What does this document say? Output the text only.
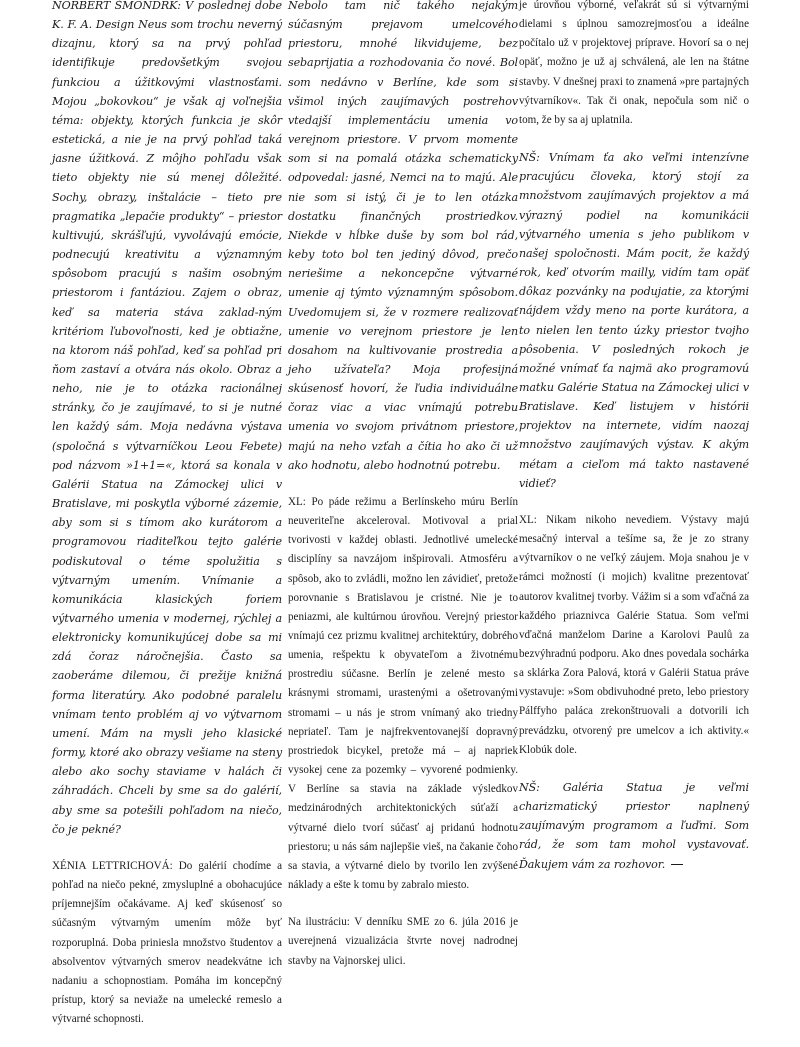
NORBERT ŠMONDRK: V poslednej dobe K. F. A. Design Neus som trochu neverný dizajnu, ktorý sa na prvý pohľad identifikuje predovšetkým svojou funkciou a úžitkovými vlastnosťami. Mojou „bokovkou“ je však aj voľnejšia téma: objekty, ktorých funkcia je skôr estetická, a nie je na prvý pohľad taká jasne úžitková. Z môjho pohľadu však tieto objekty nie sú menej dôležité. Sochy, obrazy, inštalácie – tieto pre pragmatika „lepačie produkty“ – priestor kultivujú, skrášľujú, vyvolávajú emócie, podnecujú kreativitu a významným spôsobom pracujú s našim osobným priestorom i fantáziou. Zajem o obraz, keď sa materia stáva zaklad-ným kritériom ľubovoľnosti, ked je obtiažne, na ktorom náš pohľad, keď sa pohľad pri ňom zastaví a otvára nás okolo. Obraz a neho, nie je to otázka racionálnej stránky, čo je zaujímavé, to si je nutné len každý sám. Moja nedávna výstava (spoločná s výtvarníčkou Leou Febete) pod názvom »1+1=«, ktorá sa konala v Galérii Statua na Zámockej ulici v Bratislave, mi poskytla výborné zázemie, aby som si s tímom ako kurátorom a programovou riaditeľkou tejto galérie podiskutoval o téme spolužitia s výtvarným umením. Vnímanie a komunikácia klasických foriem výtvarného umenia v modernej, rýchlej a elektronicky komunikujúcej dobe sa mi zdá čoraz náročnejšia. Často sa zaoberáme dilemou, či prežije knižná forma literatúry. Ako podobné paralelu vnímam tento problém aj vo výtvarnom umení. Mám na mysli jeho klasické formy, ktoré ako obrazy vešiame na steny alebo ako sochy staviame v halách či záhradách. Chceli by sme sa do galérií, aby sme sa potešili pohľadom na niečo, čo je pekné?

XÉNIA LETTRICHOVÁ: Do galérií chodíme a pohľad na niečo pekné, zmysluplné a obohacujúce príjemnejším očakávame. Aj keď skúsenosť so súčasným výtvarným umením môže byť rozporuplná. Doba priniesla množstvo študentov a absolventov výtvarných smerov neadekvátne ich nadaniu a schopnostiam. Pomáha im koncepčný prístup, ktorý sa neviaže na umelecké remeslo a výtvarné schopnosti.

Nebolo tam nič takého nejakým súčasným prejavom umelcového priestoru, mnohé likvidujeme, bez sebaprijatia a rozhodovania čo nové. Bol som nedávno v Berlíne, kde som si všimol iných zaujímavých postrehov vtedajší implementáciu umenia vo verejnom priestore. V prvom momente som si na pomalá otázka schematicky odpovedal: jasné, Nemci na to majú. Ale nie som si istý, či je to len otázka dostatku finančných prostriedkov. Niekde v hĺbke duše by som bol rád, keby toto bol ten jediný dôvod, prečo neriešime a nekoncepčne výtvarné umenie aj týmto významným spôsobom. Uvedomujem si, že v rozmere realizovať umenie vo verejnom priestore je len dosahom na kultivovanie prostredia a jeho užívateľa? Moja profesijná skúsenosť hovorí, že ľudia individuálne čoraz viac a viac vnímajú potrebu umenia vo svojom privátnom priestore, majú na neho vzťah a čítia ho ako či už ako hodnotu, alebo hodnotnú potrebu.

XL: Po páde režimu a Berlínskeho múru Berlín neuveriteľne akceleroval. Motivoval a prial tvorivosti v každej oblasti. Jednotlivé umelecké disciplíny sa navzájom inšpirovali. Atmosféru a spôsob, ako to zvládli, možno len závidieť, pretože porovnanie s Bratislavou je cristné. Nie je to peniazmi, ale kultúrnou úrovňou. Verejný priestor vnímajú cez prizmu kvalitnej architektúry, dobrého umenia, rešpektu k obyvateľom a životnému prostrediu súčasne. Berlín je zelené mesto s krásnymi stromami, urastenými a ošetrovanými stromami – u nás je strom vnímaný ako triedny nepriateľ. Tam je najfrekventovanejší dopravný prostriedok bicykel, pretože má – aj napriek vysokej cene za pozemky – vyvorené podmienky. V Berlíne sa stavia na základe výsledkov medzinárodných architektonických súťaží a výtvarné dielo tvorí súčasť aj pridanú hodnotu priestoru; u nás sám najlepšie vieš, na čakanie čoho sa stavia, a výtvarné dielo by tvorilo len zvýšené náklady a ešte k tomu by zabralo miesto.

Na ilustráciu: V denníku SME zo 6. júla 2016 je uverejnená vizualizácia štvrte novej nadrodnej stavby na Vajnorskej ulici.

je úrovňou výborné, veľakrát sú si výtvarnými dielami s úplnou samozrejmosťou a ideálne počítalo už v projektovej príprave. Hovorí sa o nej opäť, možno je už aj schválená, ale len na štátne stavby. V dnešnej praxi to znamená »pre partajných výtvarníkov«. Tak či onak, nepočula som nič o tom, že by sa aj uplatnila.

NŠ: Vnímam ťa ako veľmi intenzívne pracujúcu človeka, ktorý stojí za množstvom zaujímavých projektov a má výrazný podiel na komunikácii výtvarného umenia s jeho publikom v našej spoločnosti. Mám pocit, že každý rok, keď otvorím mailly, vidím tam opäť dôkaz pozvánky na podujatie, za ktorými nájdem vždy meno na porte kurátora, a to nielen len tento úzky priestor tvojho pôsobenia. V posledných rokoch je možné vnímať ťa najmä ako programovú matku Galérie Statua na Zámockej ulici v Bratislave. Keď listujem v histórii projektov na internete, vidím naozaj množstvo zaujímavých výstav. K akým métam a cieľom má takto nastavené vidieť?

XL: Nikam nikoho nevediem. Výstavy majú mesačný interval a tešíme sa, že je zo strany výtvarníkov o ne veľký záujem. Moja snahou je v rámci možností (i mojich) kvalitne prezentovať autorov kvalitnej tvorby. Vážim si a som vďačná za každého priaznivca Galérie Statua. Som veľmi vďačná manželom Darine a Karolovi Paulů za bezvýhradnú podporu. Ako dnes povedala sochárka a sklárka Zora Palová, ktorá v Galérii Statua práve vystavuje: »Som obdivuhodné preto, lebo priestory Pálffyho paláca zrekonštruovali a dotvorili ich prevádzku, otvorený pre umelcov a ich aktivity.« Klobúk dole.

NŠ: Galéria Statua je veľmi charizmatický priestor naplnený zaujímavým programom a ľuďmi. Som rád, že som tam mohol vystavovať. Ďakujem vám za rozhovor.
